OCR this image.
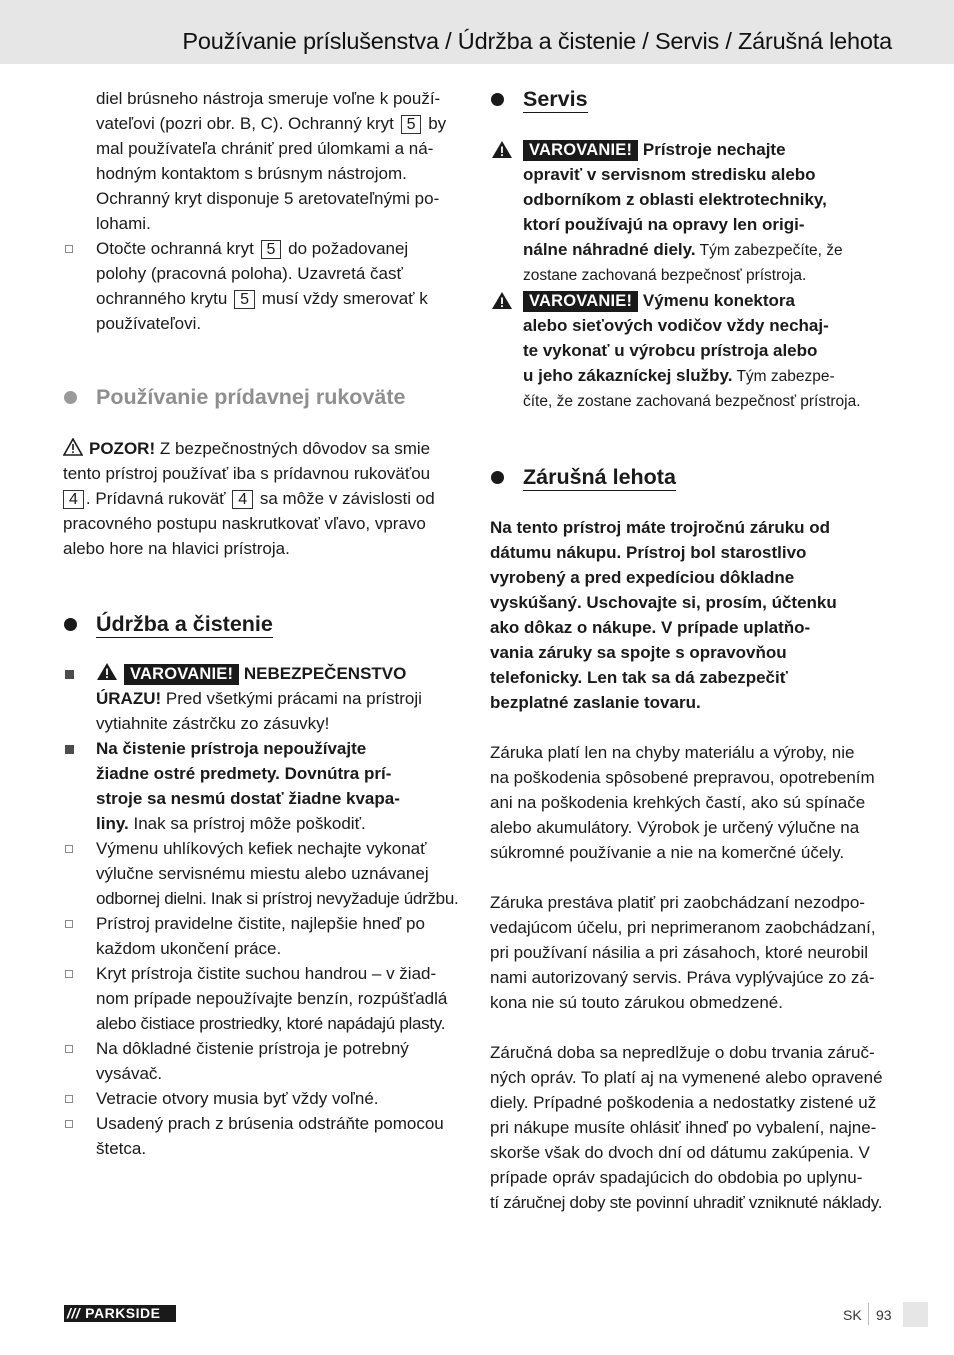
Používanie príslušenstva / Údržba a čistenie / Servis / Zárušná lehota
diel brúsneho nástroja smeruje voľne k použí-
vateľovi (pozri obr. B, C). Ochranný kryt 5 by
mal používateľa chrániť pred úlomkami a ná-
hodným kontaktom s brúsnym nástrojom.
Ochranný kryt disponuje 5 aretovateľnými po-
lohami.
Otočte ochranná kryt 5 do požadovanej
polohy (pracovná poloha). Uzavretá časť
ochranného krytu 5 musí vždy smerovať k
používateľovi.
Používanie prídavnej rukoväte
POZOR! Z bezpečnostných dôvodov sa smie
tento prístroj používať iba s prídavnou rukoväťou
4 . Prídavná rukoväť 4 sa môže v závislosti od
pracovného postupu naskrutkovať vľavo, vpravo
alebo hore na hlavici prístroja.
Údržba a čistenie
VAROVANIE! NEBEZPEČENSTVO
ÚRAZU! Pred všetkými prácami na prístroji
vytiahnite zástrčku zo zásuvky!
Na čistenie prístroja nepoužívajte
žiadne ostré predmety. Dovnútra prí-
stroje sa nesmú dostať žiadne kvapa-
liny. Inak sa prístroj môže poškodiť.
Výmenu uhlíkových kefiek nechajte vykonať
výlučne servisnému miestu alebo uznávanej
odbornej dielni. Inak si prístroj nevyžaduje údržbu.
Prístroj pravidelne čistite, najlepšie hneď po
každom ukončení práce.
Kryt prístroja čistite suchou handrou – v žiad-
nom prípade nepoužívajte benzín, rozpúšťadlá
alebo čistiace prostriedky, ktoré napádajú plasty.
Na dôkladné čistenie prístroja je potrebný
vysávač.
Vetracie otvory musia byť vždy voľné.
Usadený prach z brúsenia odstráňte pomocou
štetca.
Servis
VAROVANIE! Prístroje nechajte
opraviť v servisnom stredisku alebo
odborníkom z oblasti elektrotechniky,
ktorí používajú na opravy len origi-
nálne náhradné diely. Tým zabezpečíte, že
zostane zachovaná bezpečnosť prístroja.
VAROVANIE! Výmenu konektora
alebo sieťových vodičov vždy nechaj-
te vykonať u výrobcu prístroja alebo
u jeho zákazníckej služby. Tým zabezpe-
číte, že zostane zachovaná bezpečnosť prístroja.
Zárušná lehota
Na tento prístroj máte trojročnú záruku od
dátumu nákupu. Prístroj bol starostlivo
vyrobený a pred expedíciou dôkladne
vyskúšaný. Uschovajte si, prosím, účtenku
ako dôkaz o nákupe. V prípade uplatňo-
vania záruky sa spojte s opravovňou
telefonicky. Len tak sa dá zabezpečiť
bezplatné zaslanie tovaru.
Záruka platí len na chyby materiálu a výroby, nie
na poškodenia spôsobené prepravou, opotrebením
ani na poškodenia krehkých častí, ako sú spínače
alebo akumulátory. Výrobok je určený výlučne na
súkromné používanie a nie na komerčné účely.
Záruka prestáva platiť pri zaobchádzaní nezodpo-
vedajúcom účelu, pri neprimeranom zaobchádzaní,
pri používaní násilia a pri zásahoch, ktoré neurobil
nami autorizovaný servis. Práva vyplývajúce zo zá-
kona nie sú touto zárukou obmedzené.
Záručná doba sa nepredlžuje o dobu trvania záruč-
ných opráv. To platí aj na vymenené alebo opravené
diely. Prípadné poškodenia a nedostatky zistené už
pri nákupe musíte ohlásiť ihneď po vybalení, najne-
skorše však do dvoch dní od dátumu zakúpenia. V
prípade opráv spadajúcich do obdobia po uplynu-
tí záručnej doby ste povinní uhradiť vzniknuté náklady.
/// PARKSIDE	SK 93
